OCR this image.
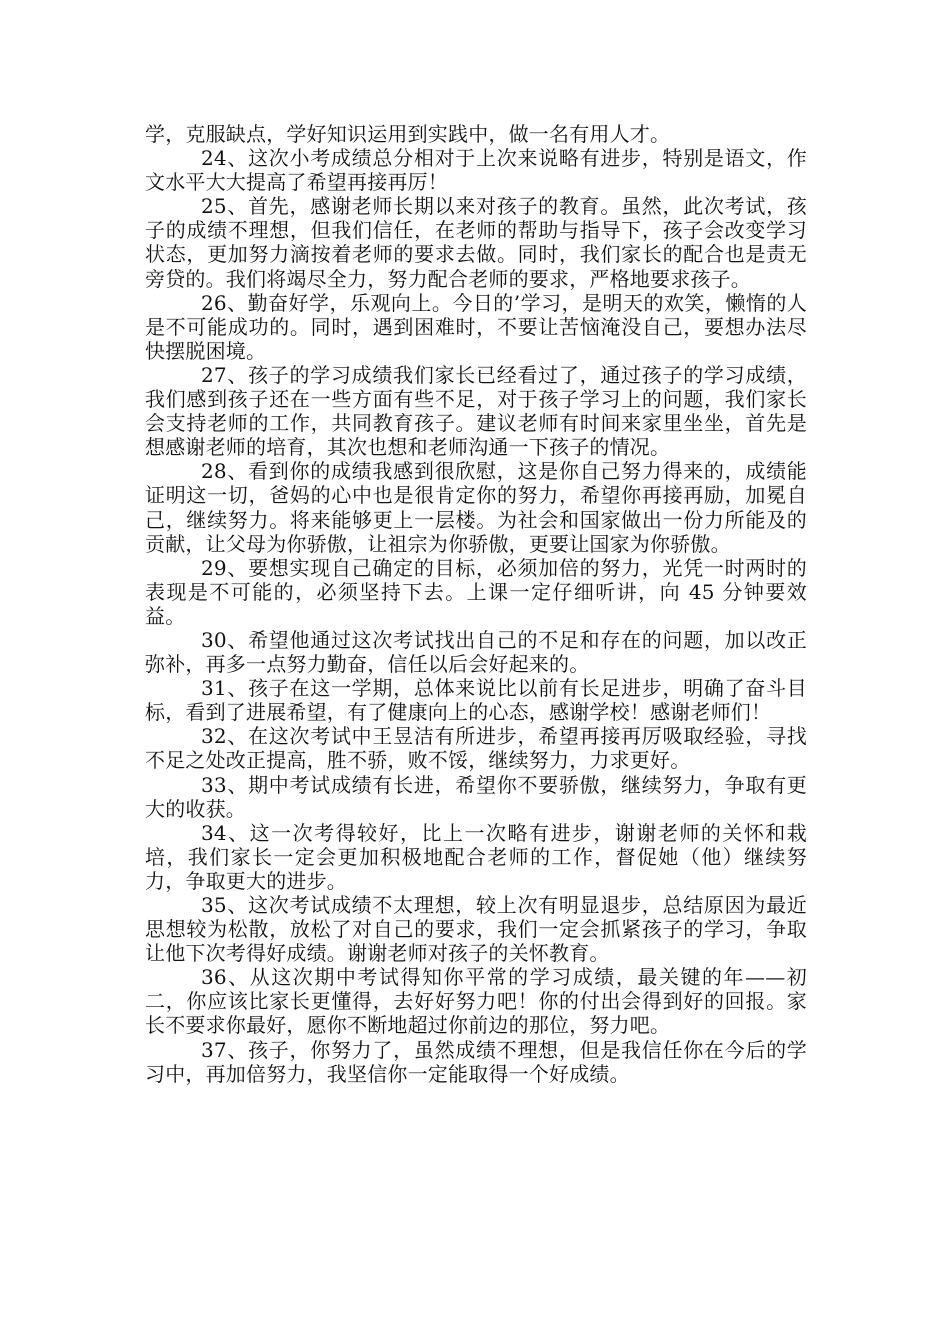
学，克服缺点，学好知识运用到实践中，做一名有用人才。

24、这次小考成绩总分相对于上次来说略有进步，特别是语文，作文水平大大提高了希望再接再厉！

25、首先，感谢老师长期以来对孩子的教育。虽然，此次考试，孩子的成绩不理想，但我们信任，在老师的帮助与指导下，孩子会改变学习状态，更加努力滴按着老师的要求去做。同时，我们家长的配合也是责无旁贷的。我们将竭尽全力，努力配合老师的要求，严格地要求孩子。

26、勤奋好学，乐观向上。今日的’学习，是明天的欢笑，懒惰的人是不可能成功的。同时，遇到困难时，不要让苦恼淹没自己，要想办法尽快摆脱困境。

27、孩子的学习成绩我们家长已经看过了，通过孩子的学习成绩，我们感到孩子还在一些方面有些不足，对于孩子学习上的问题，我们家长会支持老师的工作，共同教育孩子。建议老师有时间来家里坐坐，首先是想感谢老师的培育，其次也想和老师沟通一下孩子的情况。

28、看到你的成绩我感到很欣慰，这是你自己努力得来的，成绩能证明这一切，爸妈的心中也是很肯定你的努力，希望你再接再励，加冕自己，继续努力。将来能够更上一层楼。为社会和国家做出一份力所能及的贡献，让父母为你骄傲，让祖宗为你骄傲，更要让国家为你骄傲。

29、要想实现自己确定的目标，必须加倍的努力，光凭一时两时的表现是不可能的，必须坚持下去。上课一定仔细听讲，向 45 分钟要效益。

30、希望他通过这次考试找出自己的不足和存在的问题，加以改正弥补，再多一点努力勤奋，信任以后会好起来的。

31、孩子在这一学期，总体来说比以前有长足进步，明确了奋斗目标，看到了进展希望，有了健康向上的心态，感谢学校！感谢老师们！

32、在这次考试中王昱洁有所进步，希望再接再厉吸取经验，寻找不足之处改正提高，胜不骄，败不馁，继续努力，力求更好。

33、期中考试成绩有长进，希望你不要骄傲，继续努力，争取有更大的收获。

34、这一次考得较好，比上一次略有进步，谢谢老师的关怀和栽培，我们家长一定会更加积极地配合老师的工作，督促她（他）继续努力，争取更大的进步。

35、这次考试成绩不太理想，较上次有明显退步，总结原因为最近思想较为松散，放松了对自己的要求，我们一定会抓紧孩子的学习，争取让他下次考得好成绩。谢谢老师对孩子的关怀教育。

36、从这次期中考试得知你平常的学习成绩，最关键的年——初二，你应该比家长更懂得，去好好努力吧！你的付出会得到好的回报。家长不要求你最好，愿你不断地超过你前边的那位，努力吧。

37、孩子，你努力了，虽然成绩不理想，但是我信任你在今后的学习中，再加倍努力，我坚信你一定能取得一个好成绩。
